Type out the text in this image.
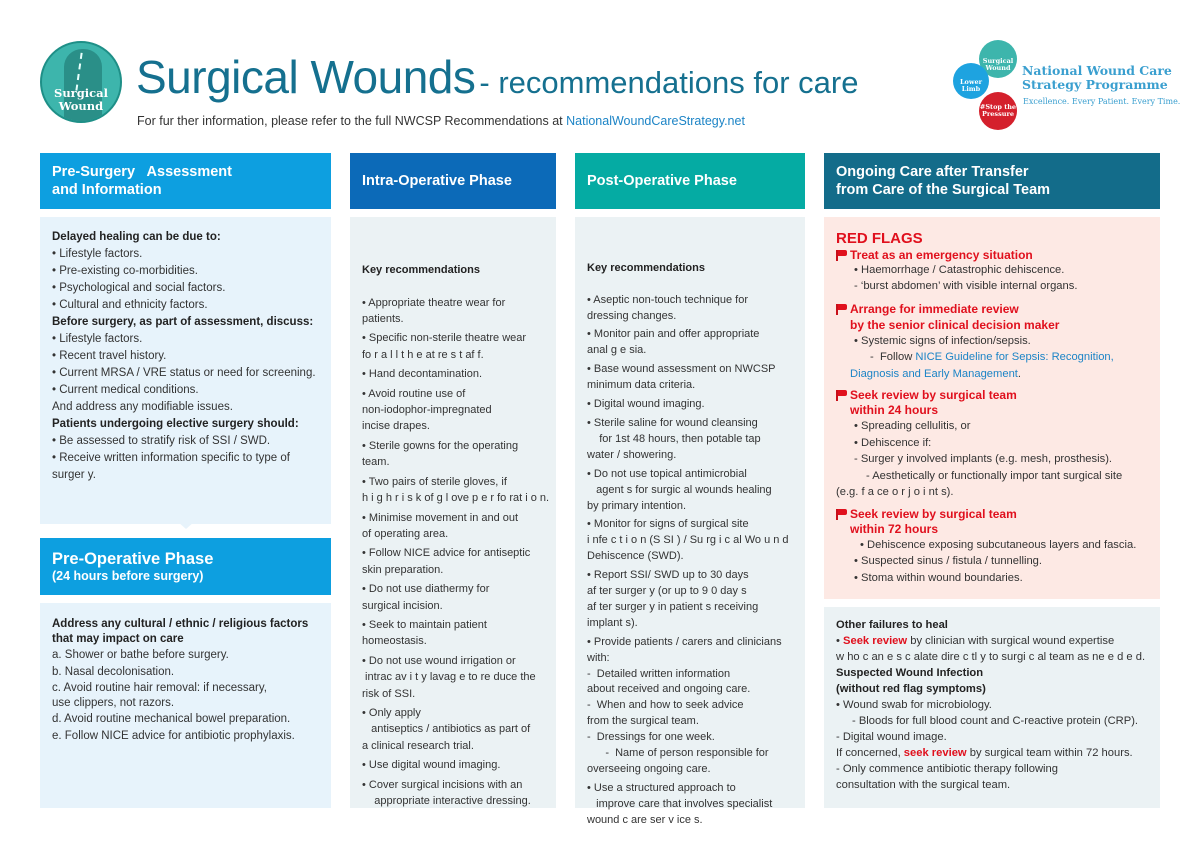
Surgical
Wound
Surgical Wounds - recommendations for care
For fur ther information, please refer to the full NWCSP Recommendations at NationalWoundCareStrategy.net
Surgical Wound
Lower Limb
#Stop the Pressure
National Wound Care
Strategy Programme
Excellence. Every Patient. Every Time.
Pre-Surgery   Assessment
and Information

Delayed healing can be due to:

• Lifestyle factors.

• Pre-existing co-morbidities.

• Psychological and social factors.

• Cultural and ethnicity factors.

Before surgery, as part of assessment, discuss:

• Lifestyle factors.

• Recent travel history.

• Current MRSA / VRE status or need for screening.

• Current medical conditions.

And address any modifiable issues.

Patients undergoing elective surgery should:

• Be assessed to stratify risk of SSI / SWD.

• Receive written information specific to type of

surger y.

Pre-Operative Phase
(24 hours before surgery)

Address any cultural / ethnic / religious factors

that may impact on care

a. Shower or bathe before surgery.

b. Nasal decolonisation.

c. Avoid routine hair removal: if necessary,

use clippers, not razors.

d. Avoid routine mechanical bowel preparation.

e. Follow NICE advice for antibiotic prophylaxis.

Intra-Operative Phase

Key recommendations

• Appropriate theatre wear for

patients.

• Specific non-sterile theatre wear

fo r a l l t h e at re s t af f.

• Hand decontamination.

• Avoid routine use of

non-iodophor-impregnated

incise drapes.

• Sterile gowns for the operating

team.

• Two pairs of sterile gloves, if

h i g h r i s k of g l ove p e r fo rat i o n.

• Minimise movement in and out

of operating area.

• Follow NICE advice for antiseptic

skin preparation.

• Do not use diathermy for

surgical incision.

• Seek to maintain patient

homeostasis.

• Do not use wound irrigation or

intrac av i t y lavag e to re duce the

risk of SSI.

• Only apply

antiseptics / antibiotics as part of

a clinical research trial.

• Use digital wound imaging.

• Cover surgical incisions with an

appropriate interactive dressing.

Post-Operative Phase

Key recommendations

• Aseptic non-touch technique for

dressing changes.

• Monitor pain and offer appropriate

anal g e sia.

• Base wound assessment on NWCSP

minimum data criteria.

• Digital wound imaging.

• Sterile saline for wound cleansing

for 1st 48 hours, then potable tap

water / showering.

• Do not use topical antimicrobial

agent s for surgic al wounds healing

by primary intention.

• Monitor for signs of surgical site

i nfe c t i o n (S SI ) / Su rg i c al Wo u n d

Dehiscence (SWD).

• Report SSI/ SWD up to 30 days

af ter surger y (or up to 9 0 day s

af ter surger y in patient s receiving

implant s).

• Provide patients / carers and clinicians

with:

-  Detailed written information

about received and ongoing care.

-  When and how to seek advice

from the surgical team.

-  Dressings for one week.

-  Name of person responsible for

overseeing ongoing care.

• Use a structured approach to

improve care that involves specialist

wound c are ser v ice s.

Ongoing Care after Transfer
from Care of the Surgical Team

RED FLAGS

Treat as an emergency situation

• Haemorrhage / Catastrophic dehiscence.

- ‘burst abdomen’ with visible internal organs.

Arrange for immediate review

by the senior clinical decision maker

• Systemic signs of infection/sepsis.

-  Follow NICE Guideline for Sepsis: Recognition,

Diagnosis and Early Management.

Seek review by surgical team

within 24 hours

• Spreading cellulitis, or

• Dehiscence if:

- Surger y involved implants (e.g. mesh, prosthesis).

- Aesthetically or functionally impor tant surgical site

(e.g. f a ce o r j o i nt s).

Seek review by surgical team

within 72 hours

• Dehiscence exposing subcutaneous layers and fascia.

• Suspected sinus / fistula / tunnelling.

• Stoma within wound boundaries.

Other failures to heal

• Seek review by clinician with surgical wound expertise

w ho c an e s c alate dire c tl y to surgi c al team as ne e d e d.

Suspected Wound Infection

(without red flag symptoms)

• Wound swab for microbiology.

- Bloods for full blood count and C-reactive protein (CRP).

- Digital wound image.

If concerned, seek review by surgical team within 72 hours.

- Only commence antibiotic therapy following

consultation with the surgical team.
